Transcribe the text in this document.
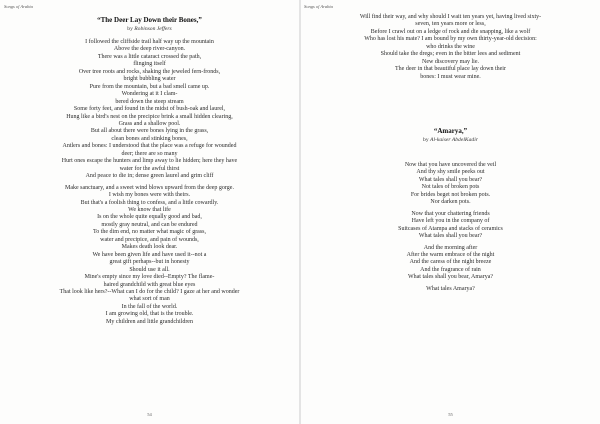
Songs of Arabia
“The Deer Lay Down their Bones,”
by Robinson Jeffers
I followed the cliffside trail half way up the mountain
Above the deep river-canyon.
There was a little cataract crossed the path,
flinging itself
Over tree roots and rocks, shaking the jeweled fern-fronds,
bright bubbling water
Pure from the mountain, but a bad smell came up.
Wondering at it I clam-
bered down the steep stream
Some forty feet, and found in the midst of bush-oak and laurel,
Hung like a bird's nest on the precipice brink a small hidden clearing,
Grass and a shallow pool.
But all about there were bones lying in the grass,
clean bones and stinking bones,
Antlers and bones: I understood that the place was a refuge for wounded
deer; there are so many
Hurt ones escape the hunters and limp away to lie hidden; here they have
water for the awful thirst
And peace to die in; dense green laurel and grim cliff
Make sanctuary, and a sweet wind blows upward from the deep gorge.
I wish my bones were with theirs.
But that's a foolish thing to confess, and a little cowardly.
We know that life
Is on the whole quite equally good and bad,
mostly gray neutral, and can be endured
To the dim end, no matter what magic of grass,
water and precipice, and pain of wounds,
Makes death look dear.
We have been given life and have used it--not a
great gift perhaps--but in honesty
Should use it all.
Mine's empty since my love died--Empty? The flame-
haired grandchild with great blue eyes
That look like hers?--What can I do for the child? I gaze at her and wonder
what sort of man
In the fall of the world.
I am growing old, that is the trouble.
My children and little grandchildren
54
Songs of Arabia
Will find their way, and why should I wait ten years yet, having lived sixty-
seven, ten years more or less,
Before I crawl out on a ledge of rock and die snapping, like a wolf
Who has lost his mate? I am bound by my own thirty-year-old decision:
who drinks the wine
Should take the dregs; even in the bitter lees and sediment
New discovery may lie.
The deer in that beautiful place lay down their
bones: I must wear mine.
“Amarya,”
by Al-kaiser AbdelKadir
Now that you have uncovered the veil
And thy shy smile peeks out
What tales shall you bear?
Not tales of broken pots
For brides beget not broken pots.
Nor darken pots.
Now that your chattering friends
Have left you in the company of
Suitcases of Atampa and stacks of ceramics
What tales shall you bear?
And the morning after
After the warm embrace of the night
And the caress of the night breeze
And the fragrance of rain
What tales shall you bear, Amarya?
What tales Amarya?
55
